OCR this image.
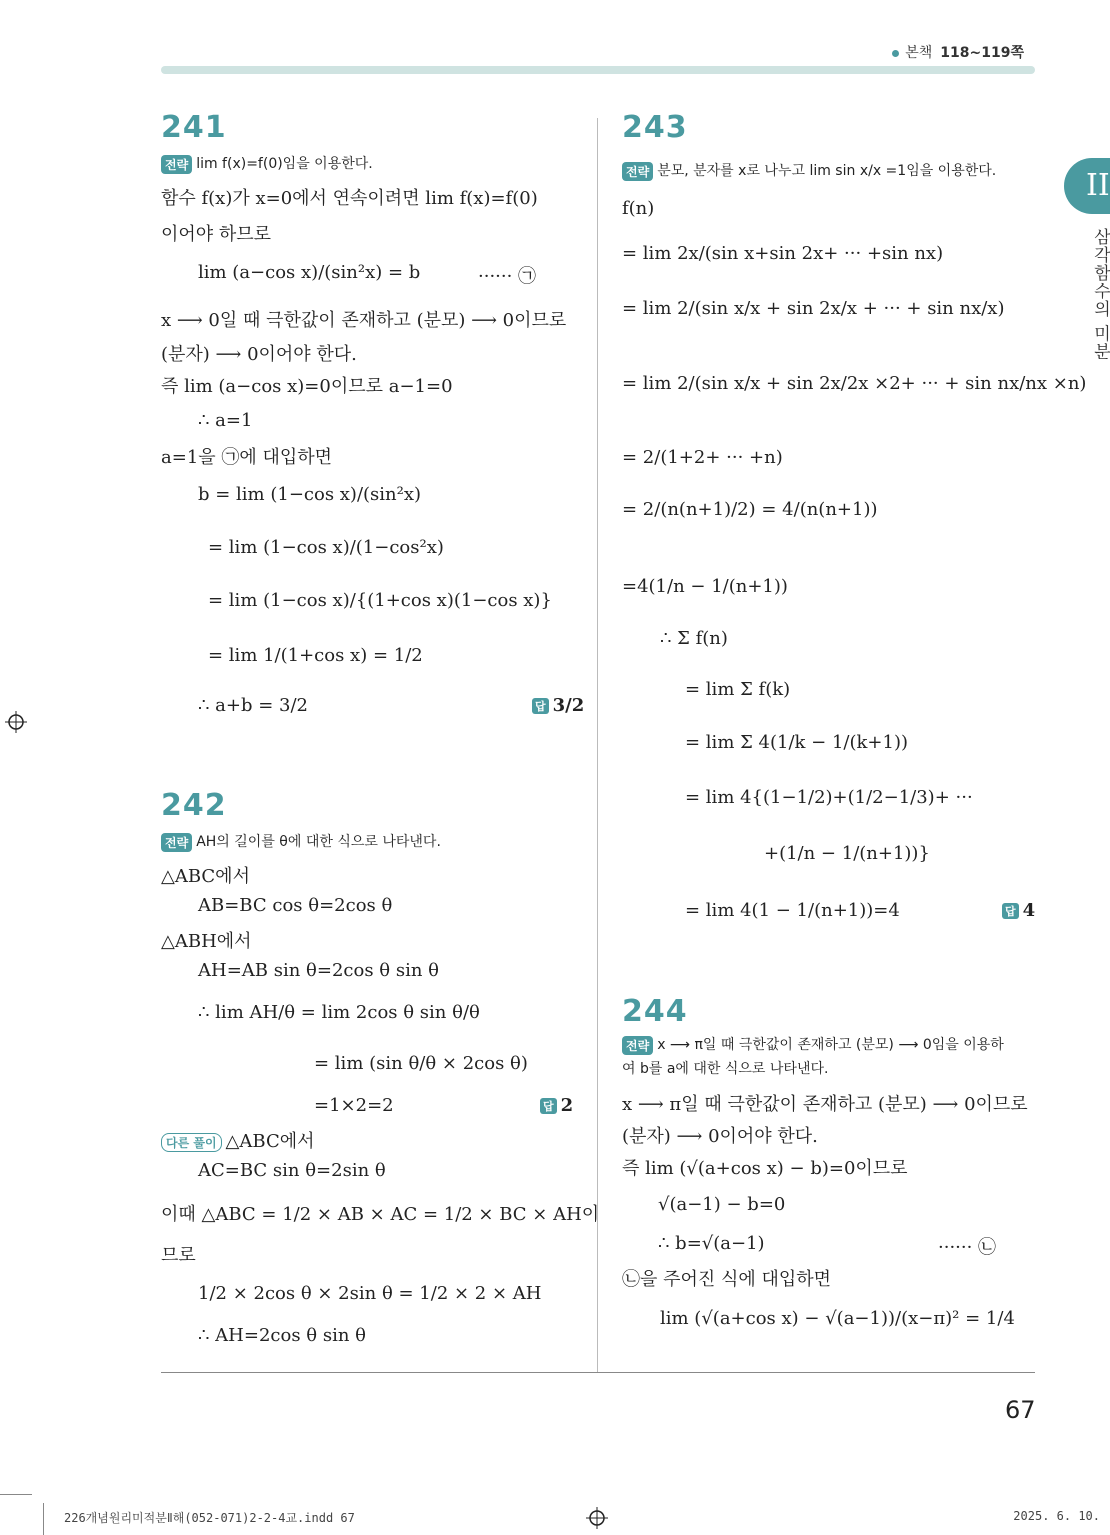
본책 118~119쪽
II
삼각함수의 미분
241
전략 lim f(x)=f(0)임을 이용한다.
함수 f(x)가 x=0에서 연속이려면 lim f(x)=f(0)
이어야 하므로
lim (a−cos x)/(sin²x) = b	······ ㉠
x ⟶ 0일 때 극한값이 존재하고 (분모) ⟶ 0이므로
(분자) ⟶ 0이어야 한다.
즉 lim (a−cos x)=0이므로 a−1=0
∴ a=1
a=1을 ㉠에 대입하면
b = lim (1−cos x)/(sin²x)
= lim (1−cos x)/(1−cos²x)
= lim (1−cos x)/{(1+cos x)(1−cos x)}
= lim 1/(1+cos x) = 1/2
∴ a+b = 3/2	답 3/2
242
전략 AH의 길이를 θ에 대한 식으로 나타낸다.
△ABC에서
AB=BC cos θ=2cos θ
△ABH에서
AH=AB sin θ=2cos θ sin θ
∴ lim AH/θ = lim 2cos θ sin θ/θ
= lim (sin θ/θ × 2cos θ)
=1×2=2	답 2
다른 풀이 △ABC에서
AC=BC sin θ=2sin θ
이때 △ABC = 1/2 × AB × AC = 1/2 × BC × AH이
므로
1/2 × 2cos θ × 2sin θ = 1/2 × 2 × AH
∴ AH=2cos θ sin θ
243
전략 분모, 분자를 x로 나누고 lim sin x/x =1임을 이용한다.
f(n)
= lim 2x/(sin x+sin 2x+ ··· +sin nx)
= lim 2/(sin x/x + sin 2x/x + ··· + sin nx/x)
= lim 2/(sin x/x + sin 2x/2x ×2+ ··· + sin nx/nx ×n)
= 2/(1+2+ ··· +n)
= 2/(n(n+1)/2) = 4/(n(n+1))
=4(1/n − 1/(n+1))
∴ Σ f(n)
= lim Σ f(k)
= lim Σ 4(1/k − 1/(k+1))
= lim 4{(1−1/2)+(1/2−1/3)+ ···
+(1/n − 1/(n+1))}
= lim 4(1 − 1/(n+1))=4	답 4
244
전략 x ⟶ π일 때 극한값이 존재하고 (분모) ⟶ 0임을 이용하
여 b를 a에 대한 식으로 나타낸다.
x ⟶ π일 때 극한값이 존재하고 (분모) ⟶ 0이므로
(분자) ⟶ 0이어야 한다.
즉 lim (√(a+cos x) − b)=0이므로
√(a−1) − b=0
∴ b=√(a−1)	······ ㉡
㉡을 주어진 식에 대입하면
lim (√(a+cos x) − √(a−1))/(x−π)² = 1/4
67
226개념원리미적분Ⅱ해(052-071)2-2-4교.indd 67	2025. 6. 10.
